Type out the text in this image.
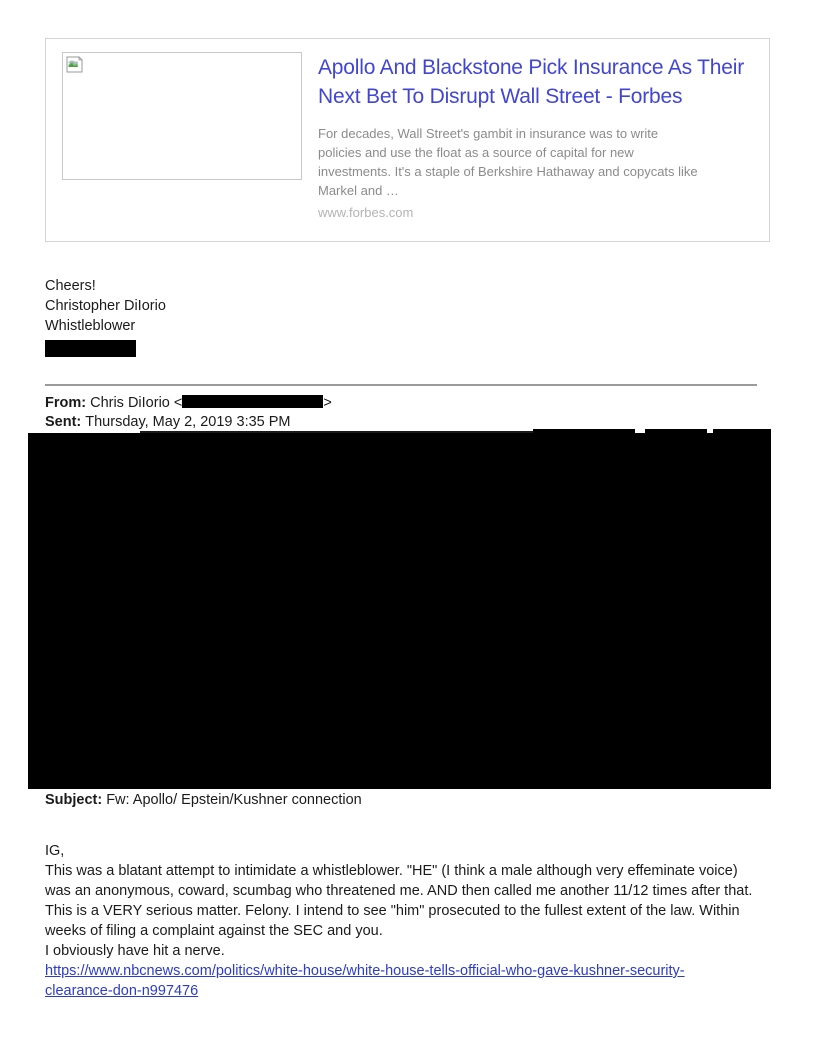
Apollo And Blackstone Pick Insurance As Their
Next Bet To Disrupt Wall Street - Forbes
For decades, Wall Street's gambit in insurance was to write
policies and use the float as a source of capital for new
investments. It's a staple of Berkshire Hathaway and copycats like
Markel and …
www.forbes.com
Cheers!
Christopher DiIorio
Whistleblower
From: Chris DiIorio <	>
Sent: Thursday, May 2, 2019 3:35 PM
Subject: Fw: Apollo/ Epstein/Kushner connection
IG,
This was a blatant attempt to intimidate a whistleblower. "HE" (I think a male although very effeminate voice)
was an anonymous, coward, scumbag who threatened me. AND then called me another 11/12 times after that.
This is a VERY serious matter. Felony. I intend to see "him" prosecuted to the fullest extent of the law. Within
weeks of filing a complaint against the SEC and you.
I obviously have hit a nerve.
https://www.nbcnews.com/politics/white-house/white-house-tells-official-who-gave-kushner-security-
clearance-don-n997476
